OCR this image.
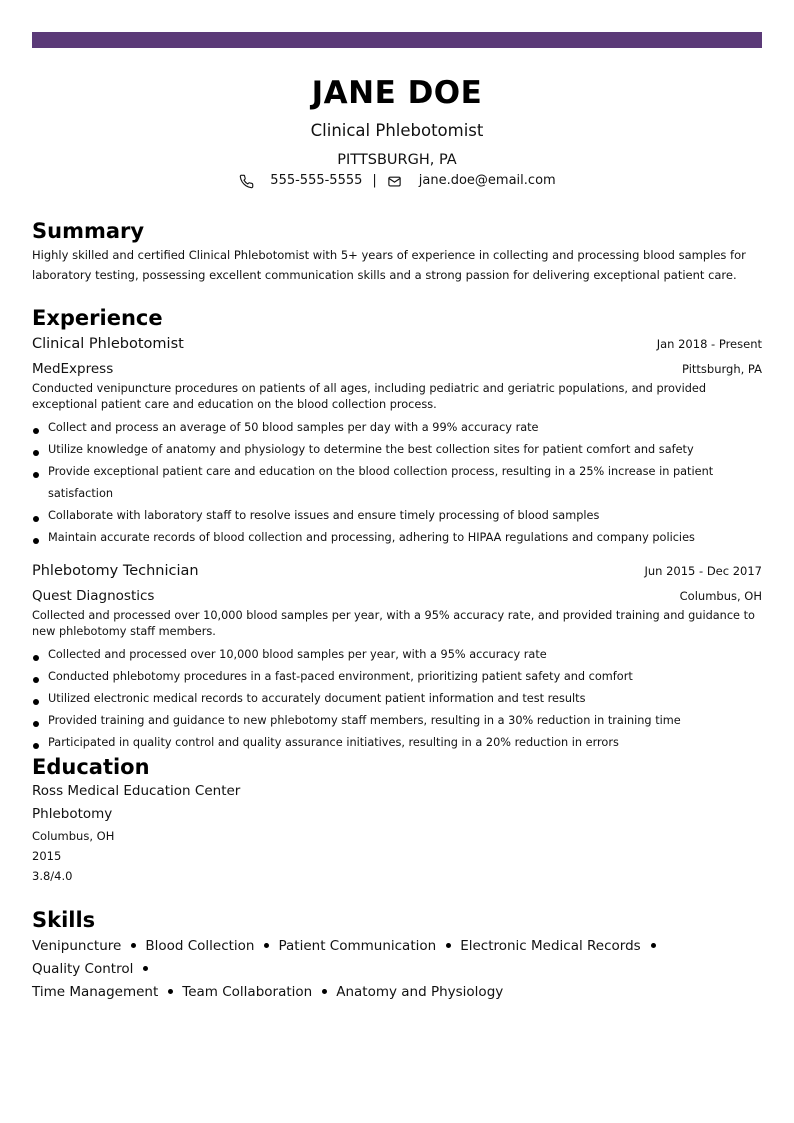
JANE DOE
Clinical Phlebotomist
PITTSBURGH, PA
555-555-5555 |	jane.doe@email.com
Summary
Highly skilled and certified Clinical Phlebotomist with 5+ years of experience in collecting and processing blood samples for laboratory testing, possessing excellent communication skills and a strong passion for delivering exceptional patient care.
Experience
Clinical Phlebotomist	Jan 2018 - Present
MedExpress	Pittsburgh, PA
Conducted venipuncture procedures on patients of all ages, including pediatric and geriatric populations, and provided exceptional patient care and education on the blood collection process.
Collect and process an average of 50 blood samples per day with a 99% accuracy rate
Utilize knowledge of anatomy and physiology to determine the best collection sites for patient comfort and safety
Provide exceptional patient care and education on the blood collection process, resulting in a 25% increase in patient satisfaction
Collaborate with laboratory staff to resolve issues and ensure timely processing of blood samples
Maintain accurate records of blood collection and processing, adhering to HIPAA regulations and company policies
Phlebotomy Technician	Jun 2015 - Dec 2017
Quest Diagnostics	Columbus, OH
Collected and processed over 10,000 blood samples per year, with a 95% accuracy rate, and provided training and guidance to new phlebotomy staff members.
Collected and processed over 10,000 blood samples per year, with a 95% accuracy rate
Conducted phlebotomy procedures in a fast-paced environment, prioritizing patient safety and comfort
Utilized electronic medical records to accurately document patient information and test results
Provided training and guidance to new phlebotomy staff members, resulting in a 30% reduction in training time
Participated in quality control and quality assurance initiatives, resulting in a 20% reduction in errors
Education
Ross Medical Education Center
Phlebotomy
Columbus, OH
2015
3.8/4.0
Skills
Venipuncture Blood Collection Patient Communication Electronic Medical RecordsQuality Control
Time Management Team Collaboration Anatomy and Physiology
